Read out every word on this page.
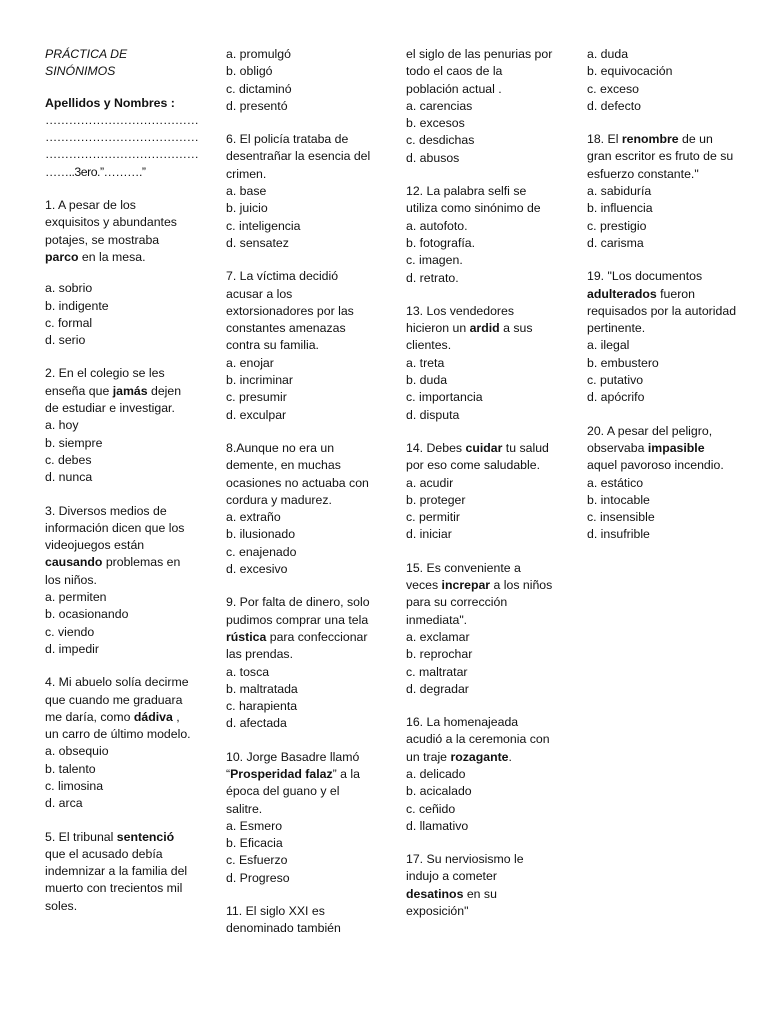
PRÁCTICA DE SINÓNIMOS

Apellidos y Nombres :

…………………………………

…………………………………

…………………………………

……..3ero.”……….”

1. A pesar de los exquisitos y abundantes potajes, se mostraba parco en la mesa.

a. sobrio

b. indigente

c. formal

d. serio

2. En el colegio se les enseña que jamás dejen de estudiar e investigar.

a. hoy

b. siempre

c. debes

d. nunca

3. Diversos medios de información dicen que los videojuegos están causando problemas en los niños.

a. permiten

b. ocasionando

c. viendo

d. impedir

4. Mi abuelo solía decirme que cuando me graduara me daría, como dádiva , un carro de último modelo.

a. obsequio

b. talento

c. limosina

d. arca

5. El tribunal sentenció que el acusado debía indemnizar a la familia del muerto con trecientos mil soles.

a. promulgó

b. obligó

c. dictaminó

d. presentó

6. El policía trataba de desentrañar la esencia del crimen.

a. base

b. juicio

c. inteligencia

d. sensatez

7. La víctima decidió acusar a los extorsionadores por las constantes amenazas contra su familia.

a. enojar

b. incriminar

c. presumir

d. exculpar

8.Aunque no era un demente, en muchas ocasiones no actuaba con cordura y madurez.

a. extraño

b. ilusionado

c. enajenado

d. excesivo

9. Por falta de dinero, solo pudimos comprar una tela rústica para confeccionar las prendas.

a. tosca

b. maltratada

c. harapienta

d. afectada

10. Jorge Basadre llamó “Prosperidad falaz” a la época del guano y el salitre.

a. Esmero

b. Eficacia

c. Esfuerzo

d. Progreso

11. El siglo XXI es denominado también

el siglo de las penurias por todo el caos de la población actual .

a. carencias

b. excesos

c. desdichas

d. abusos

12. La palabra selfi se utiliza como sinónimo de

a. autofoto.

b. fotografía.

c. imagen.

d. retrato.

13. Los vendedores hicieron un ardid a sus clientes.

a. treta

b. duda

c. importancia

d. disputa

14. Debes cuidar tu salud por eso come saludable.

a. acudir

b. proteger

c. permitir

d. iniciar

15. Es conveniente a veces increpar a los niños para su corrección inmediata".

a. exclamar

b. reprochar

c. maltratar

d. degradar

16. La homenajeada acudió a la ceremonia con un traje rozagante.

a. delicado

b. acicalado

c. ceñido

d. llamativo

17. Su nerviosismo le indujo a cometer desatinos en su exposición"

a. duda

b. equivocación

c. exceso

d. defecto

18. El renombre de un gran escritor es fruto de su esfuerzo constante."

a. sabiduría

b. influencia

c. prestigio

d. carisma

19. "Los documentos adulterados fueron requisados por la autoridad pertinente.

a. ilegal

b. embustero

c. putativo

d. apócrifo

20. A pesar del peligro, observaba impasible aquel pavoroso incendio.

a. estático

b. intocable

c. insensible

d. insufrible
